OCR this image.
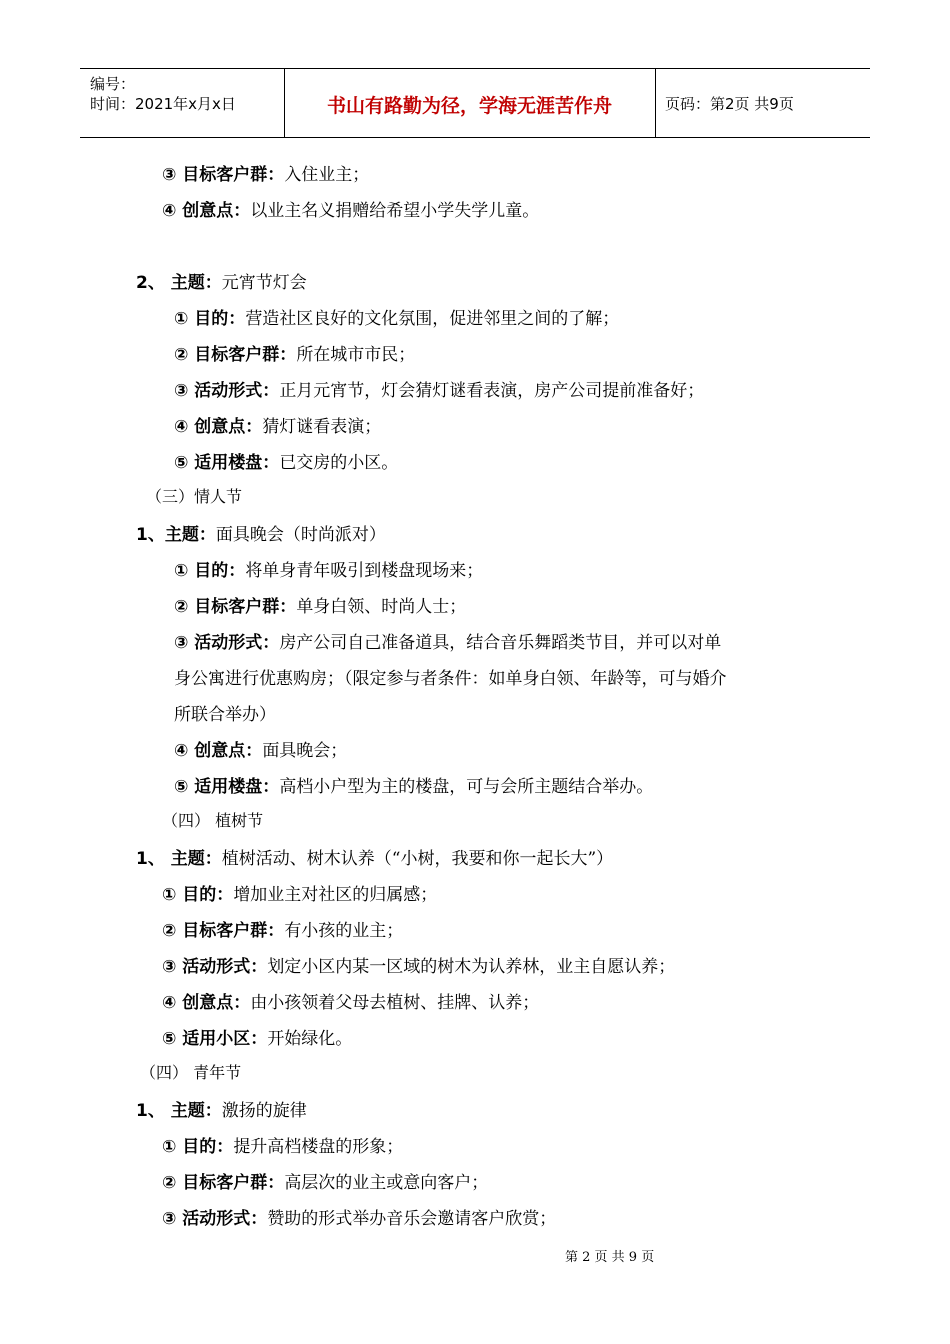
编号：
时间：2021年x月x日	书山有路勤为径，学海无涯苦作舟	页码：第2页 共9页
③ 目标客户群：入住业主；
④ 创意点：以业主名义捐赠给希望小学失学儿童。
2、 主题：元宵节灯会
① 目的：营造社区良好的文化氛围，促进邻里之间的了解；
② 目标客户群：所在城市市民；
③ 活动形式：正月元宵节，灯会猜灯谜看表演，房产公司提前准备好；
④ 创意点：猜灯谜看表演；
⑤ 适用楼盘：已交房的小区。
（三）情人节
1、主题：面具晚会（时尚派对）
① 目的：将单身青年吸引到楼盘现场来；
② 目标客户群：单身白领、时尚人士；
③ 活动形式：房产公司自己准备道具，结合音乐舞蹈类节目，并可以对单
身公寓进行优惠购房；（限定参与者条件：如单身白领、年龄等，可与婚介
所联合举办）
④ 创意点：面具晚会；
⑤ 适用楼盘：高档小户型为主的楼盘，可与会所主题结合举办。
（四） 植树节
1、 主题：植树活动、树木认养（“小树，我要和你一起长大”）
① 目的：增加业主对社区的归属感；
② 目标客户群：有小孩的业主；
③ 活动形式：划定小区内某一区域的树木为认养林，业主自愿认养；
④ 创意点：由小孩领着父母去植树、挂牌、认养；
⑤ 适用小区：开始绿化。
（四） 青年节
1、 主题：激扬的旋律
① 目的：提升高档楼盘的形象；
② 目标客户群：高层次的业主或意向客户；
③ 活动形式：赞助的形式举办音乐会邀请客户欣赏；
第 2 页 共 9 页
